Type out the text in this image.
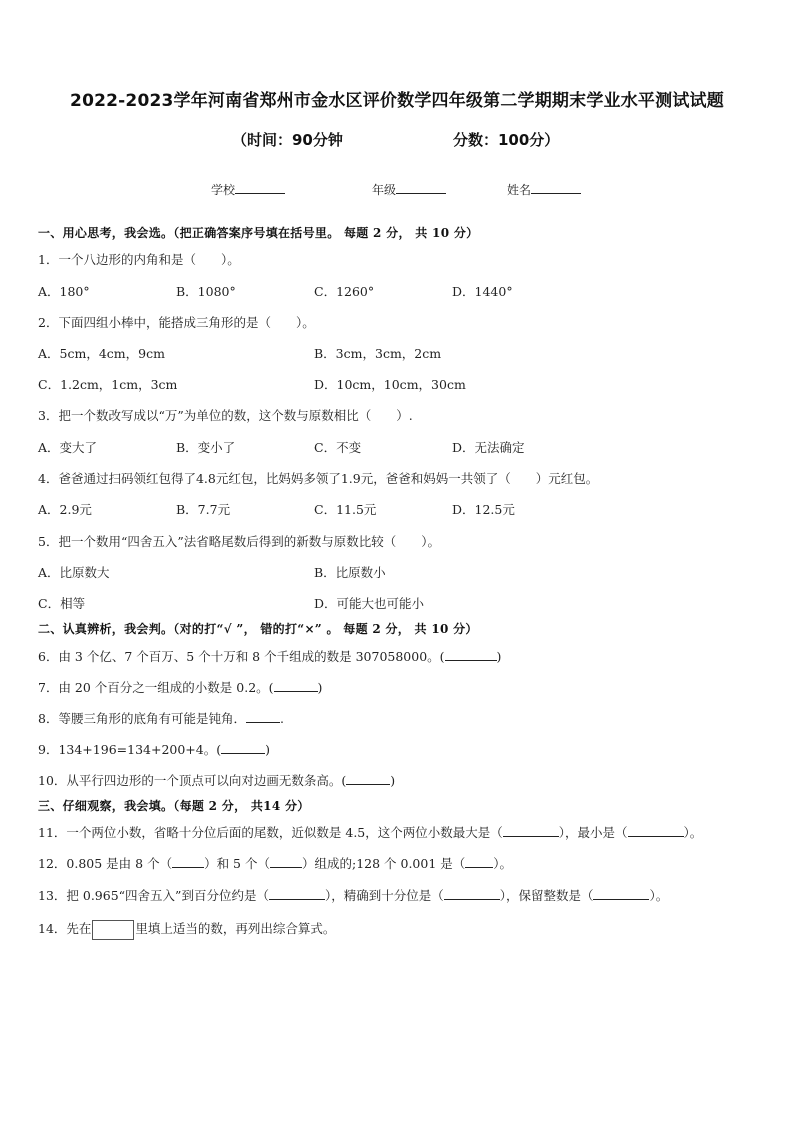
2022-2023学年河南省郑州市金水区评价数学四年级第二学期期末学业水平测试试题
（时间：90分钟	分数：100分）
学校	年级	姓名
一、用心思考，我会选。（把正确答案序号填在括号里。 每题 2 分， 共 10 分）
1．一个八边形的内角和是（　　）。
A．180°	B．1080°	C．1260°	D．1440°
2．下面四组小棒中，能搭成三角形的是（　　）。
A．5cm，4cm，9cm	B．3cm，3cm，2cm
C．1.2cm，1cm，3cm	D．10cm，10cm，30cm
3．把一个数改写成以“万”为单位的数，这个数与原数相比（　　）.
A．变大了	B．变小了	C．不变	D．无法确定
4．爸爸通过扫码领红包得了4.8元红包，比妈妈多领了1.9元，爸爸和妈妈一共领了（　　）元红包。
A．2.9元	B．7.7元	C．11.5元	D．12.5元
5．把一个数用“四舍五入”法省略尾数后得到的新数与原数比较（　　）。
A．比原数大	B．比原数小
C．相等	D．可能大也可能小
二、认真辨析，我会判。（对的打“√ ”， 错的打“×” 。 每题 2 分， 共 10 分）
6．由 3 个亿、7 个百万、5 个十万和 8 个千组成的数是 307058000。(	)
7．由 20 个百分之一组成的小数是 0.2。(	)
8．等腰三角形的底角有可能是钝角．	.
9．134+196=134+200+4。(	)
10．从平行四边形的一个顶点可以向对边画无数条高。(	)
三、仔细观察，我会填。（每题 2 分， 共14 分）
11．一个两位小数，省略十分位后面的尾数，近似数是 4.5，这个两位小数最大是（	），最小是（	）。
12．0.805 是由 8 个（	）和 5 个（	）组成的;128 个 0.001 是（ ）。
13．把 0.965“四舍五入”到百分位约是（	），精确到十分位是（	），保留整数是（	）。
14．先在	里填上适当的数，再列出综合算式。
